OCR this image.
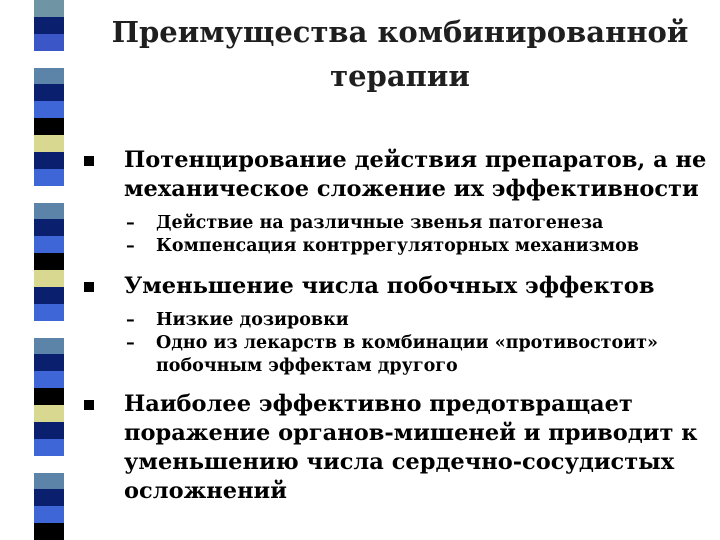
Преимущества комбинированной терапии
Потенцирование действия препаратов, а не механическое сложение их эффективности
– Действие на различные звенья патогенеза
– Компенсация контррегуляторных механизмов
Уменьшение числа побочных эффектов
– Низкие дозировки
– Одно из лекарств в комбинации «противостоит» побочным эффектам другого
Наиболее эффективно предотвращает поражение органов-мишеней и приводит к уменьшению числа сердечно-сосудистых осложнений
